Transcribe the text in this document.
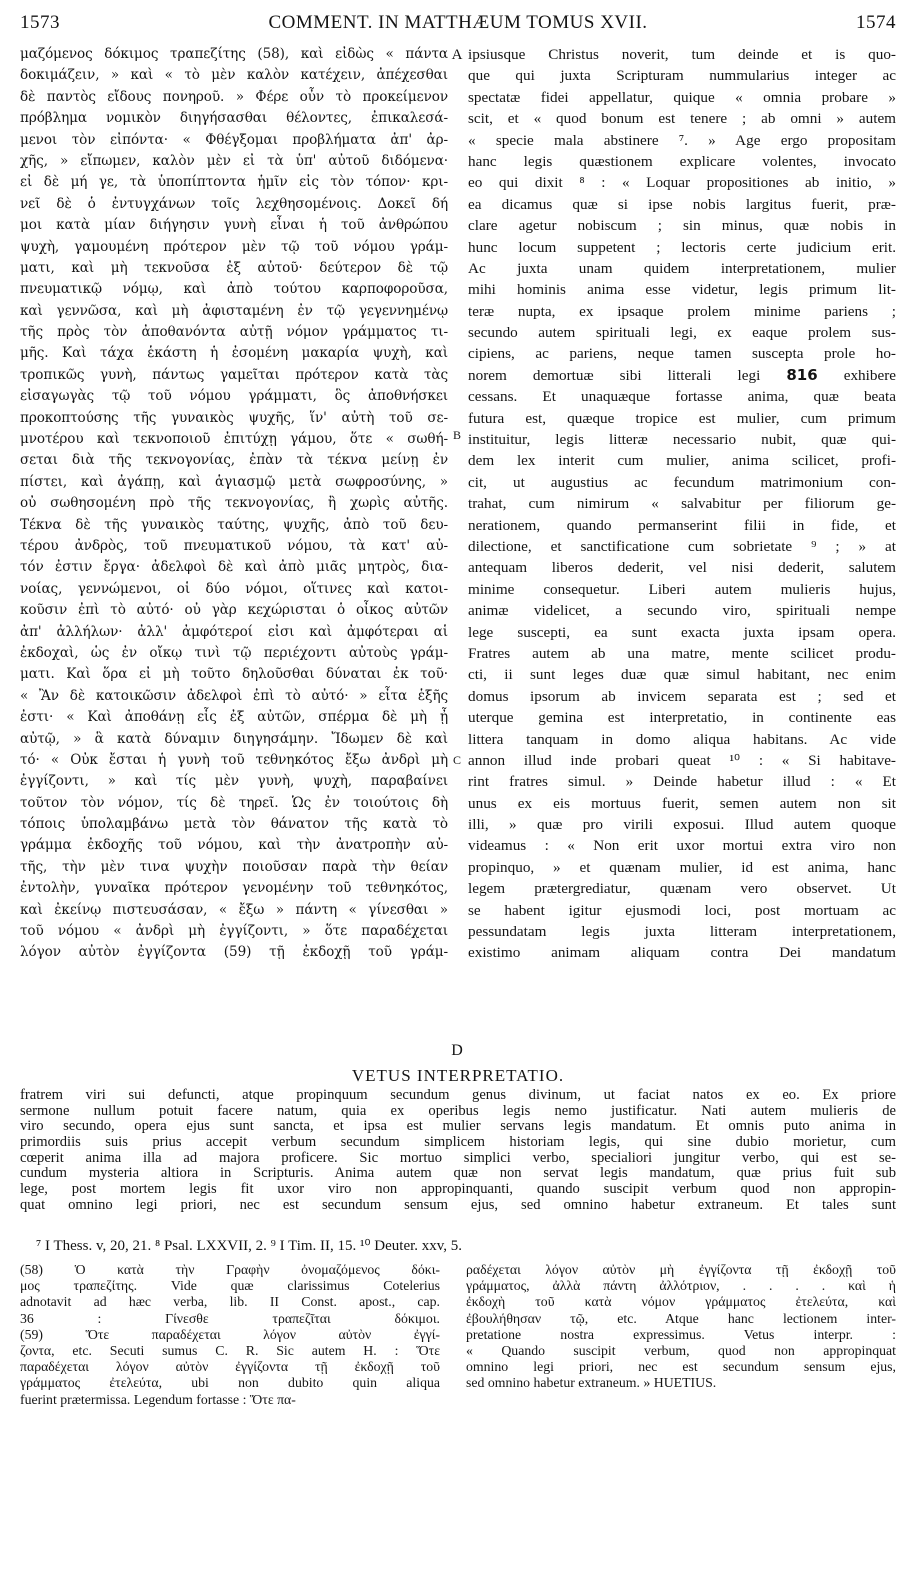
1573	COMMENT. IN MATTHÆUM TOMUS XVII.	1574
μαζόμενος δόκιμος τραπεζίτης (58), καὶ εἰδὼς « πάντα
δοκιμάζειν, » καὶ « τὸ μὲν καλὸν κατέχειν, ἀπέχεσθαι
δὲ παντὸς εἴδους πονηροῦ. » Φέρε οὖν τὸ προκείμενον
πρόβλημα νομικὸν διηγήσασθαι θέλοντες, ἐπικαλεσά-
μενοι τὸν εἰπόντα· « Φθέγξομαι προβλήματα ἀπ' ἀρ-
χῆς, » εἴπωμεν, καλὸν μὲν εἰ τὰ ὑπ' αὐτοῦ διδόμενα·
εἰ δὲ μή γε, τὰ ὑποπίπτοντα ἡμῖν εἰς τὸν τόπον· κρι-
νεῖ δὲ ὁ ἐντυγχάνων τοῖς λεχθησομένοις. Δοκεῖ δή
μοι κατὰ μίαν διήγησιν γυνὴ εἶναι ἡ τοῦ ἀνθρώπου
ψυχὴ, γαμουμένη πρότερον μὲν τῷ τοῦ νόμου γράμ-
ματι, καὶ μὴ τεκνοῦσα ἐξ αὐτοῦ· δεύτερον δὲ τῷ
πνευματικῷ νόμῳ, καὶ ἀπὸ τούτου καρποφοροῦσα,
καὶ γεννῶσα, καὶ μὴ ἀφισταμένη ἐν τῷ γεγεννημένῳ
τῆς πρὸς τὸν ἀποθανόντα αὐτῇ νόμον γράμματος τι-
μῆς. Καὶ τάχα ἑκάστη ἡ ἐσομένη μακαρία ψυχὴ, καὶ
τροπικῶς γυνὴ, πάντως γαμεῖται πρότερον κατὰ τὰς
εἰσαγωγὰς τῷ τοῦ νόμου γράμματι, ὃς ἀποθνήσκει
προκοπτούσης τῆς γυναικὸς ψυχῆς, ἵν' αὐτὴ τοῦ σε-
μνοτέρου καὶ τεκνοποιοῦ ἐπιτύχῃ γάμου, ὅτε « σωθή-
σεται διὰ τῆς τεκνογονίας, ἐπὰν τὰ τέκνα μείνῃ ἐν
πίστει, καὶ ἀγάπῃ, καὶ ἁγιασμῷ μετὰ σωφροσύνης, »
οὐ σωθησομένη πρὸ τῆς τεκνογονίας, ἢ χωρὶς αὐτῆς.
Τέκνα δὲ τῆς γυναικὸς ταύτης, ψυχῆς, ἀπὸ τοῦ δευ-
τέρου ἀνδρὸς, τοῦ πνευματικοῦ νόμου, τὰ κατ' αὐ-
τόν ἐστιν ἔργα· ἀδελφοὶ δὲ καὶ ἀπὸ μιᾶς μητρὸς, δια-
νοίας, γεννώμενοι, οἱ δύο νόμοι, οἵτινες καὶ κατοι-
κοῦσιν ἐπὶ τὸ αὐτό· οὐ γὰρ κεχώρισται ὁ οἶκος αὐτῶν
ἀπ' ἀλλήλων· ἀλλ' ἀμφότεροί εἰσι καὶ ἀμφότεραι αἱ
ἐκδοχαὶ, ὡς ἐν οἴκῳ τινὶ τῷ περιέχοντι αὐτοὺς γράμ-
ματι. Καὶ ὅρα εἰ μὴ τοῦτο δηλοῦσθαι δύναται ἐκ τοῦ·
« Ἂν δὲ κατοικῶσιν ἀδελφοὶ ἐπὶ τὸ αὐτό· » εἶτα ἑξῆς
ἐστι· « Καὶ ἀποθάνῃ εἷς ἐξ αὐτῶν, σπέρμα δὲ μὴ ᾖ
αὐτῷ, » ἃ κατὰ δύναμιν διηγησάμην. Ἴδωμεν δὲ καὶ
τό· « Οὐκ ἔσται ἡ γυνὴ τοῦ τεθνηκότος ἔξω ἀνδρὶ μὴ
ἐγγίζοντι, » καὶ τίς μὲν γυνὴ, ψυχὴ, παραβαίνει
τοῦτον τὸν νόμον, τίς δὲ τηρεῖ. Ὡς ἐν τοιούτοις δὴ
τόποις ὑπολαμβάνω μετὰ τὸν θάνατον τῆς κατὰ τὸ
γράμμα ἐκδοχῆς τοῦ νόμου, καὶ τὴν ἀνατροπὴν αὐ-
τῆς, τὴν μὲν τινα ψυχὴν ποιοῦσαν παρὰ τὴν θείαν
ἐντολὴν, γυναῖκα πρότερον γενομένην τοῦ τεθνηκότος,
καὶ ἐκείνῳ πιστευσάσαν, « ἔξω » πάντη « γίνεσθαι »
τοῦ νόμου « ἀνδρὶ μὴ ἐγγίζοντι, » ὅτε παραδέχεται
λόγον αὐτὸν ἐγγίζοντα (59) τῇ ἐκδοχῇ τοῦ γράμ-
A
B
C
D
ipsiusque Christus noverit, tum deinde et is quo-
que qui juxta Scripturam nummularius integer ac
spectatæ fidei appellatur, quique « omnia probare »
scit, et « quod bonum est tenere ; ab omni » autem
« specie mala abstinere ⁷. » Age ergo propositam
hanc legis quæstionem explicare volentes, invocato
eo qui dixit ⁸ : « Loquar propositiones ab initio, »
ea dicamus quæ si ipse nobis largitus fuerit, præ-
clare agetur nobiscum ; sin minus, quæ nobis in
hunc locum suppetent ; lectoris certe judicium erit.
Ac juxta unam quidem interpretationem, mulier
mihi hominis anima esse videtur, legis primum lit-
teræ nupta, ex ipsaque prolem minime pariens ;
secundo autem spirituali legi, ex eaque prolem sus-
cipiens, ac pariens, neque tamen suscepta prole ho-
norem demortuæ sibi litterali legi 816 exhibere
cessans. Et unaquæque fortasse anima, quæ beata
futura est, quæque tropice est mulier, cum primum
instituitur, legis litteræ necessario nubit, quæ qui-
dem lex interit cum mulier, anima scilicet, profi-
cit, ut augustius ac fecundum matrimonium con-
trahat, cum nimirum « salvabitur per filiorum ge-
nerationem, quando permanserint filii in fide, et
dilectione, et sanctificatione cum sobrietate ⁹ ; » at
antequam liberos dederit, vel nisi dederit, salutem
minime consequetur. Liberi autem mulieris hujus,
animæ videlicet, a secundo viro, spirituali nempe
lege suscepti, ea sunt exacta juxta ipsam opera.
Fratres autem ab una matre, mente scilicet produ-
cti, ii sunt leges duæ quæ simul habitant, nec enim
domus ipsorum ab invicem separata est ; sed et
uterque gemina est interpretatio, in continente eas
littera tanquam in domo aliqua habitans. Ac vide
annon illud inde probari queat ¹⁰ : « Si habitave-
rint fratres simul. » Deinde habetur illud : « Et
unus ex eis mortuus fuerit, semen autem non sit
illi, » quæ pro virili exposui. Illud autem quoque
videamus : « Non erit uxor mortui extra viro non
propinquo, » et quænam mulier, id est anima, hanc
legem prætergrediatur, quænam vero observet. Ut
se habent igitur ejusmodi loci, post mortuam ac
pessundatam legis juxta litteram interpretationem,
existimo animam aliquam contra Dei mandatum
VETUS INTERPRETATIO.
fratrem viri sui defuncti, atque propinquum secundum genus divinum, ut faciat natos ex eo. Ex priore
sermone nullum potuit facere natum, quia ex operibus legis nemo justificatur. Nati autem mulieris de
viro secundo, opera ejus sunt sancta, et ipsa est mulier servans legis mandatum. Et omnis puto anima in
primordiis suis prius accepit verbum secundum simplicem historiam legis, qui sine dubio morietur, cum
cœperit anima illa ad majora proficere. Sic mortuo simplici verbo, specialiori jungitur verbo, qui est se-
cundum mysteria altiora in Scripturis. Anima autem quæ non servat legis mandatum, quæ prius fuit sub
lege, post mortem legis fit uxor viro non appropinquanti, quando suscipit verbum quod non appropin-
quat omnino legi priori, nec est secundum sensum ejus, sed omnino habetur extraneum. Et tales sunt
⁷ I Thess. v, 20, 21. ⁸ Psal. LXXVII, 2. ⁹ I Tim. II, 15. ¹⁰ Deuter. xxv, 5.
(58) Ὁ κατὰ τὴν Γραφὴν ὀνομαζόμενος δόκι-
μος τραπεζίτης. Vide quæ clarissimus Cotelerius
adnotavit ad hæc verba, lib. II Const. apost., cap.
36 : Γίνεσθε τραπεζῖται δόκιμοι.
(59) Ὅτε παραδέχεται λόγον αὐτὸν ἐγγί-
ζοντα, etc. Secuti sumus C. R. Sic autem H. : Ὅτε
παραδέχεται λόγον αὐτὸν ἐγγίζοντα τῇ ἐκδοχῇ τοῦ
γράμματος ἐτελεύτα, ubi non dubito quin aliqua
fuerint prætermissa. Legendum fortasse : Ὅτε πα-
ραδέχεται λόγον αὐτὸν μὴ ἐγγίζοντα τῇ ἐκδοχῇ τοῦ
γράμματος, ἀλλὰ πάντη ἀλλότριον, . . . . καὶ ἡ
ἐκδοχὴ τοῦ κατὰ νόμον γράμματος ἐτελεύτα, καὶ
ἐβουλήθησαν τῷ, etc. Atque hanc lectionem inter-
pretatione nostra expressimus. Vetus interpr. :
« Quando suscipit verbum, quod non appropinquat
omnino legi priori, nec est secundum sensum ejus,
sed omnino habetur extraneum. » HUETIUS.
